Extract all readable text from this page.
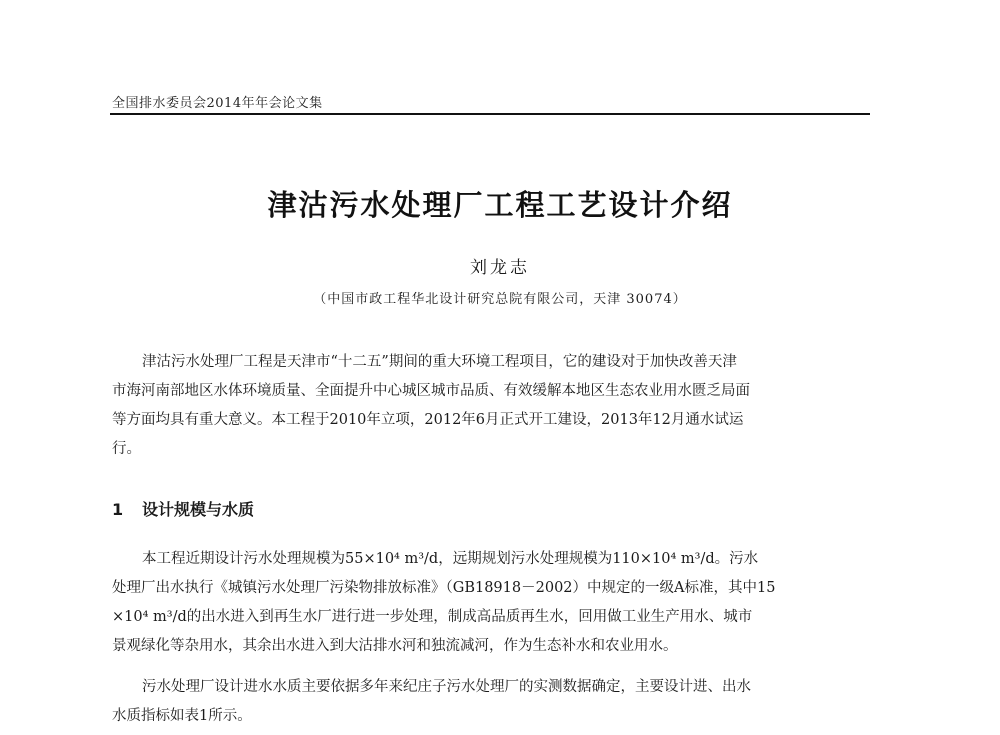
全国排水委员会2014年年会论文集
津沽污水处理厂工程工艺设计介绍
刘龙志
（中国市政工程华北设计研究总院有限公司，天津 30074）
津沽污水处理厂工程是天津市“十二五”期间的重大环境工程项目，它的建设对于加快改善天津
市海河南部地区水体环境质量、全面提升中心城区城市品质、有效缓解本地区生态农业用水匮乏局面
等方面均具有重大意义。本工程于2010年立项，2012年6月正式开工建设，2013年12月通水试运
行。
1 设计规模与水质
本工程近期设计污水处理规模为55×10⁴ m³/d，远期规划污水处理规模为110×10⁴ m³/d。污水
处理厂出水执行《城镇污水处理厂污染物排放标准》（GB18918－2002）中规定的一级A标准，其中15
×10⁴ m³/d的出水进入到再生水厂进行进一步处理，制成高品质再生水，回用做工业生产用水、城市
景观绿化等杂用水，其余出水进入到大沽排水河和独流减河，作为生态补水和农业用水。
污水处理厂设计进水水质主要依据多年来纪庄子污水处理厂的实测数据确定，主要设计进、出水
水质指标如表1所示。
